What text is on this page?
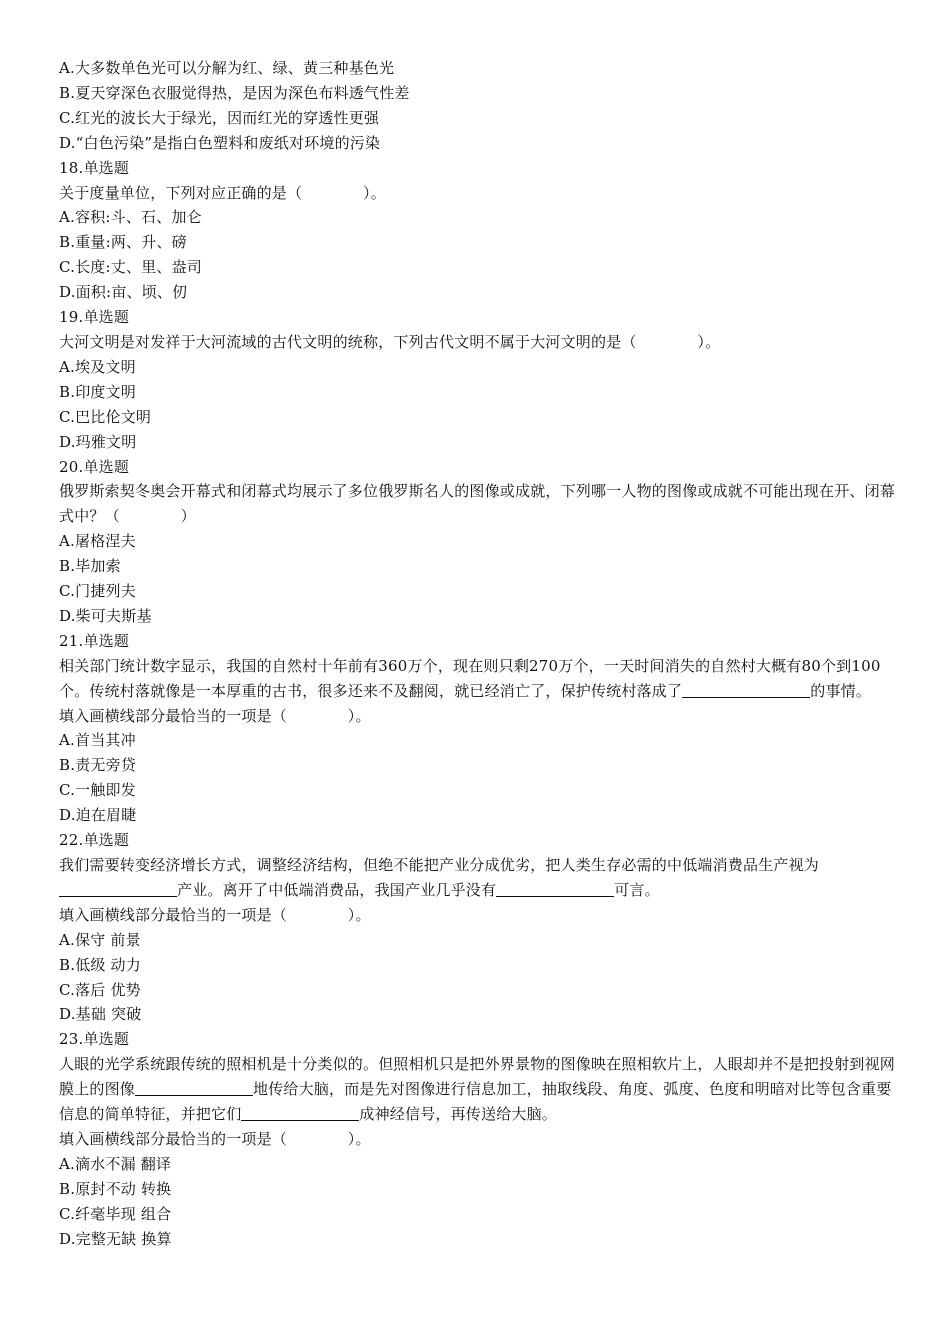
A.大多数单色光可以分解为红、绿、黄三种基色光
B.夏天穿深色衣服觉得热，是因为深色布料透气性差
C.红光的波长大于绿光，因而红光的穿透性更强
D.“白色污染”是指白色塑料和废纸对环境的污染
18.单选题
关于度量单位，下列对应正确的是（　　　　）。
A.容积:斗、石、加仑
B.重量:两、升、磅
C.长度:丈、里、盎司
D.面积:亩、顷、仞
19.单选题
大河文明是对发祥于大河流域的古代文明的统称，下列古代文明不属于大河文明的是（　　　　）。
A.埃及文明
B.印度文明
C.巴比伦文明
D.玛雅文明
20.单选题
俄罗斯索契冬奥会开幕式和闭幕式均展示了多位俄罗斯名人的图像或成就，下列哪一人物的图像或成就不可能出现在开、闭幕式中？（　　　　）
A.屠格涅夫
B.毕加索
C.门捷列夫
D.柴可夫斯基
21.单选题
相关部门统计数字显示，我国的自然村十年前有360万个，现在则只剩270万个，一天时间消失的自然村大概有80个到100个。传统村落就像是一本厚重的古书，很多还来不及翻阅，就已经消亡了，保护传统村落成了	的事情。
填入画横线部分最恰当的一项是（　　　　）。
A.首当其冲
B.责无旁贷
C.一触即发
D.迫在眉睫
22.单选题
我们需要转变经济增长方式，调整经济结构，但绝不能把产业分成优劣，把人类生存必需的中低端消费品生产视为产业。离开了中低端消费品，我国产业几乎没有	可言。
填入画横线部分最恰当的一项是（　　　　）。
A.保守 前景
B.低级 动力
C.落后 优势
D.基础 突破
23.单选题
人眼的光学系统跟传统的照相机是十分类似的。但照相机只是把外界景物的图像映在照相软片上，人眼却并不是把投射到视网膜上的图像	地传给大脑，而是先对图像进行信息加工，抽取线段、角度、弧度、色度和明暗对比等包含重要信息的简单特征，并把它们	成神经信号，再传送给大脑。
填入画横线部分最恰当的一项是（　　　　）。
A.滴水不漏 翻译
B.原封不动 转换
C.纤毫毕现 组合
D.完整无缺 换算
